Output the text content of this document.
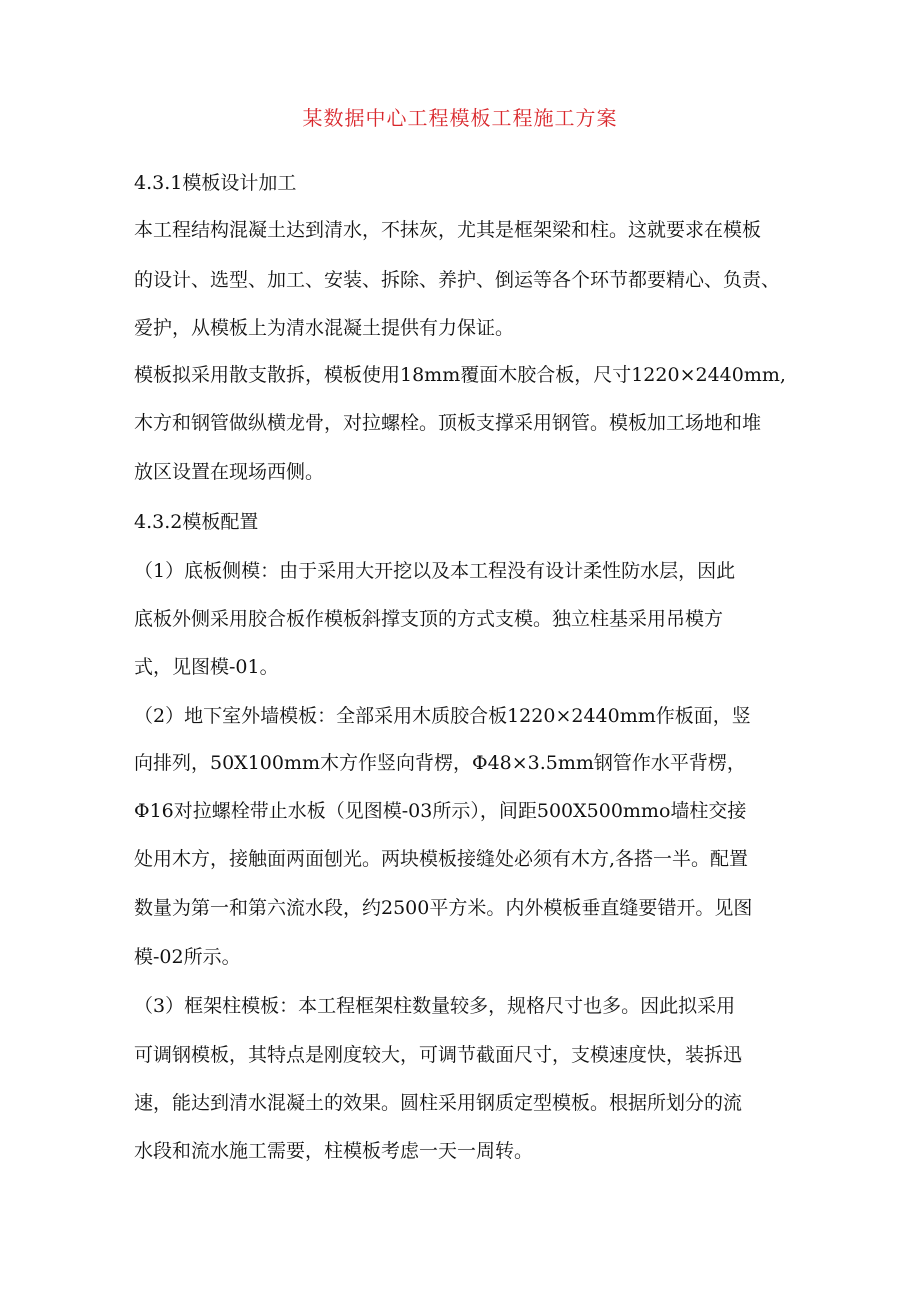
某数据中心工程模板工程施工方案
4.3.1模板设计加工
本工程结构混凝土达到清水，不抹灰，尤其是框架梁和柱。这就要求在模板
的设计、选型、加工、安装、拆除、养护、倒运等各个环节都要精心、负责、
爱护，从模板上为清水混凝土提供有力保证。
模板拟采用散支散拆，模板使用18mm覆面木胶合板，尺寸1220×2440mm,
木方和钢管做纵横龙骨，对拉螺栓。顶板支撑采用钢管。模板加工场地和堆
放区设置在现场西侧。
4.3.2模板配置
（1）底板侧模：由于采用大开挖以及本工程没有设计柔性防水层，因此
底板外侧采用胶合板作模板斜撑支顶的方式支模。独立柱基采用吊模方
式，见图模-01。
（2）地下室外墙模板：全部采用木质胶合板1220×2440mm作板面，竖
向排列，50X100mm木方作竖向背楞，Φ48×3.5mm钢管作水平背楞，
Φ16对拉螺栓带止水板（见图模-03所示），间距500X500mmo墙柱交接
处用木方，接触面两面刨光。两块模板接缝处必须有木方,各搭一半。配置
数量为第一和第六流水段，约2500平方米。内外模板垂直缝要错开。见图
模-02所示。
（3）框架柱模板：本工程框架柱数量较多，规格尺寸也多。因此拟采用
可调钢模板，其特点是刚度较大，可调节截面尺寸，支模速度快，装拆迅
速，能达到清水混凝土的效果。圆柱采用钢质定型模板。根据所划分的流
水段和流水施工需要，柱模板考虑一天一周转。
